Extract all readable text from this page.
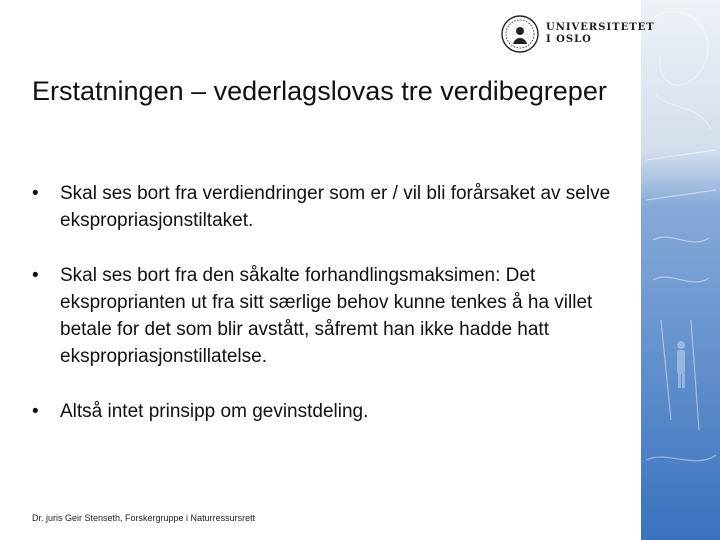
UNIVERSITETET
I OSLO
Erstatningen – vederlagslovas tre verdibegreper
• Skal ses bort fra verdiendringer som er / vil bli forårsaket av selve ekspropriasjonstiltaket.
• Skal ses bort fra den såkalte forhandlingsmaksimen: Det eksproprianten ut fra sitt særlige behov kunne tenkes å ha villet betale for det som blir avstått, såfremt han ikke hadde hatt ekspropriasjonstillatelse.
• Altså intet prinsipp om gevinstdeling.
Dr. juris Geir Stenseth, Forskergruppe i Naturressursrett
